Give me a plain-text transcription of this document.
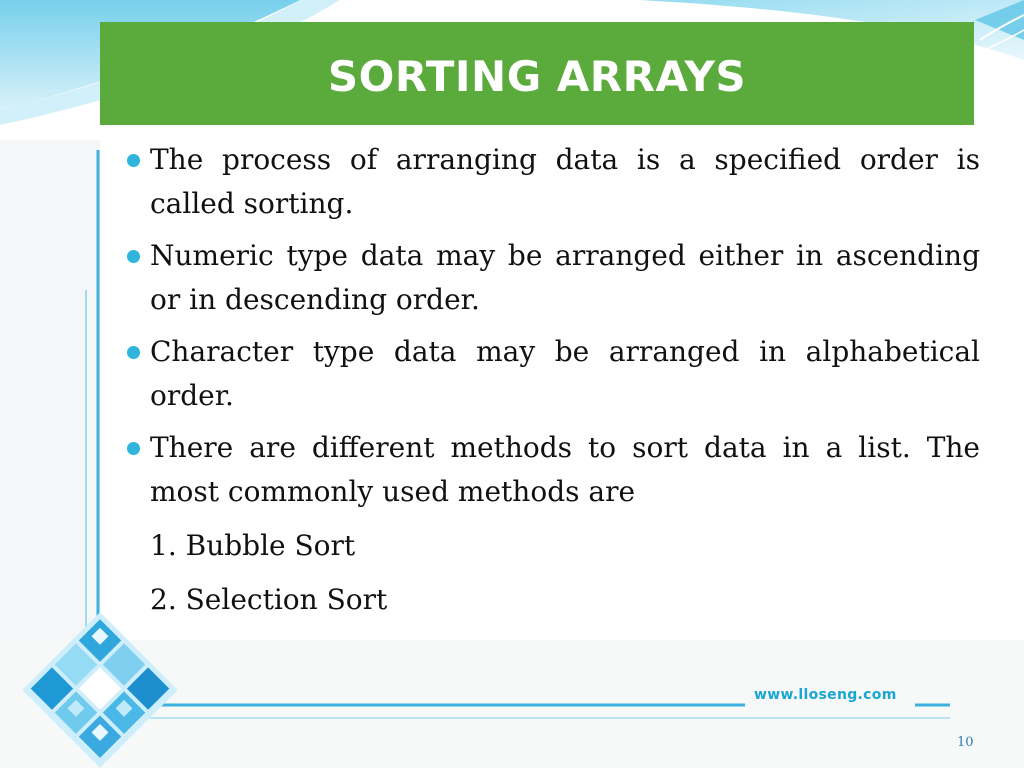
SORTING ARRAYS
The process of arranging data is a specified order is called sorting.
Numeric type data may be arranged either in ascending or in descending order.
Character type data may be arranged in alphabetical order.
There are different methods to sort data in a list. The most commonly used methods are
1. Bubble Sort
2. Selection Sort
www.lloseng.com
10
